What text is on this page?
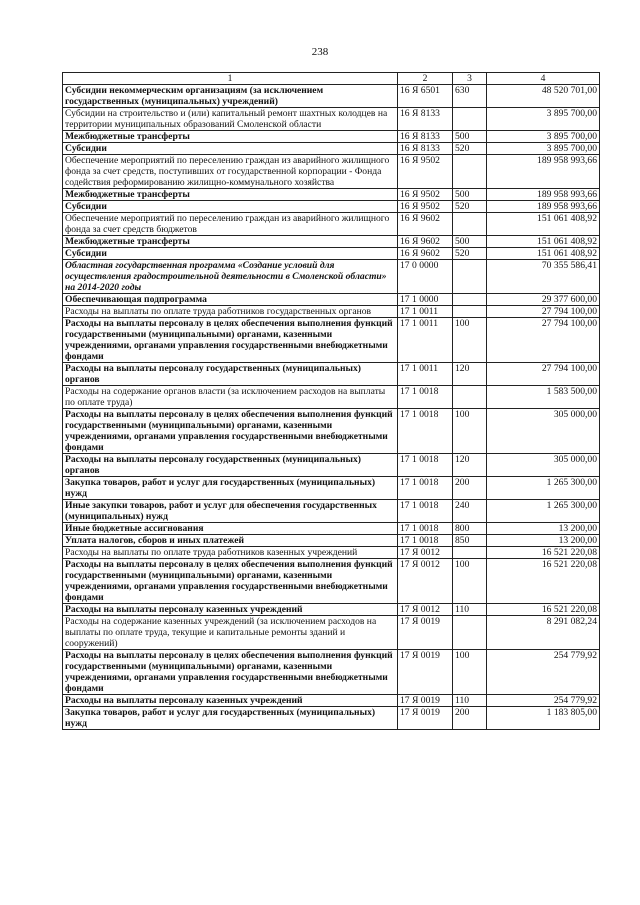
238
1	2	3	4
Субсидии некоммерческим организациям (за исключением государственных (муниципальных) учреждений)	16 Я 6501	630	48 520 701,00
Субсидии на строительство и (или) капитальный ремонт шахтных колодцев на территории муниципальных образований Смоленской области	16 Я 8133		3 895 700,00
Межбюджетные трансферты	16 Я 8133	500	3 895 700,00
Субсидии	16 Я 8133	520	3 895 700,00
Обеспечение мероприятий по переселению граждан из аварийного жилищного фонда за счет средств, поступивших от государственной корпорации - Фонда содействия реформированию жилищно-коммунального хозяйства	16 Я 9502		189 958 993,66
Межбюджетные трансферты	16 Я 9502	500	189 958 993,66
Субсидии	16 Я 9502	520	189 958 993,66
Обеспечение мероприятий по переселению граждан из аварийного жилищного фонда за счет средств бюджетов	16 Я 9602		151 061 408,92
Межбюджетные трансферты	16 Я 9602	500	151 061 408,92
Субсидии	16 Я 9602	520	151 061 408,92
Областная государственная программа «Создание условий для осуществления градостроительной деятельности в Смоленской области» на 2014-2020 годы	17 0 0000		70 355 586,41
Обеспечивающая подпрограмма	17 1 0000		29 377 600,00
Расходы на выплаты по оплате труда работников государственных органов	17 1 0011		27 794 100,00
Расходы на выплаты персоналу в целях обеспечения выполнения функций государственными (муниципальными) органами, казенными учреждениями, органами управления государственными внебюджетными фондами	17 1 0011	100	27 794 100,00
Расходы на выплаты персоналу государственных (муниципальных) органов	17 1 0011	120	27 794 100,00
Расходы на содержание органов власти (за исключением расходов на выплаты по оплате труда)	17 1 0018		1 583 500,00
Расходы на выплаты персоналу в целях обеспечения выполнения функций государственными (муниципальными) органами, казенными учреждениями, органами управления государственными внебюджетными фондами	17 1 0018	100	305 000,00
Расходы на выплаты персоналу государственных (муниципальных) органов	17 1 0018	120	305 000,00
Закупка товаров, работ и услуг для государственных (муниципальных) нужд	17 1 0018	200	1 265 300,00
Иные закупки товаров, работ и услуг для обеспечения государственных (муниципальных) нужд	17 1 0018	240	1 265 300,00
Иные бюджетные ассигнования	17 1 0018	800	13 200,00
Уплата налогов, сборов и иных платежей	17 1 0018	850	13 200,00
Расходы на выплаты по оплате труда работников казенных учреждений	17 Я 0012		16 521 220,08
Расходы на выплаты персоналу в целях обеспечения выполнения функций государственными (муниципальными) органами, казенными учреждениями, органами управления государственными внебюджетными фондами	17 Я 0012	100	16 521 220,08
Расходы на выплаты персоналу казенных учреждений	17 Я 0012	110	16 521 220,08
Расходы на содержание казенных учреждений (за исключением расходов на выплаты по оплате труда, текущие и капитальные ремонты зданий и сооружений)	17 Я 0019		8 291 082,24
Расходы на выплаты персоналу в целях обеспечения выполнения функций государственными (муниципальными) органами, казенными учреждениями, органами управления государственными внебюджетными фондами	17 Я 0019	100	254 779,92
Расходы на выплаты персоналу казенных учреждений	17 Я 0019	110	254 779,92
Закупка товаров, работ и услуг для государственных (муниципальных) нужд	17 Я 0019	200	1 183 805,00
